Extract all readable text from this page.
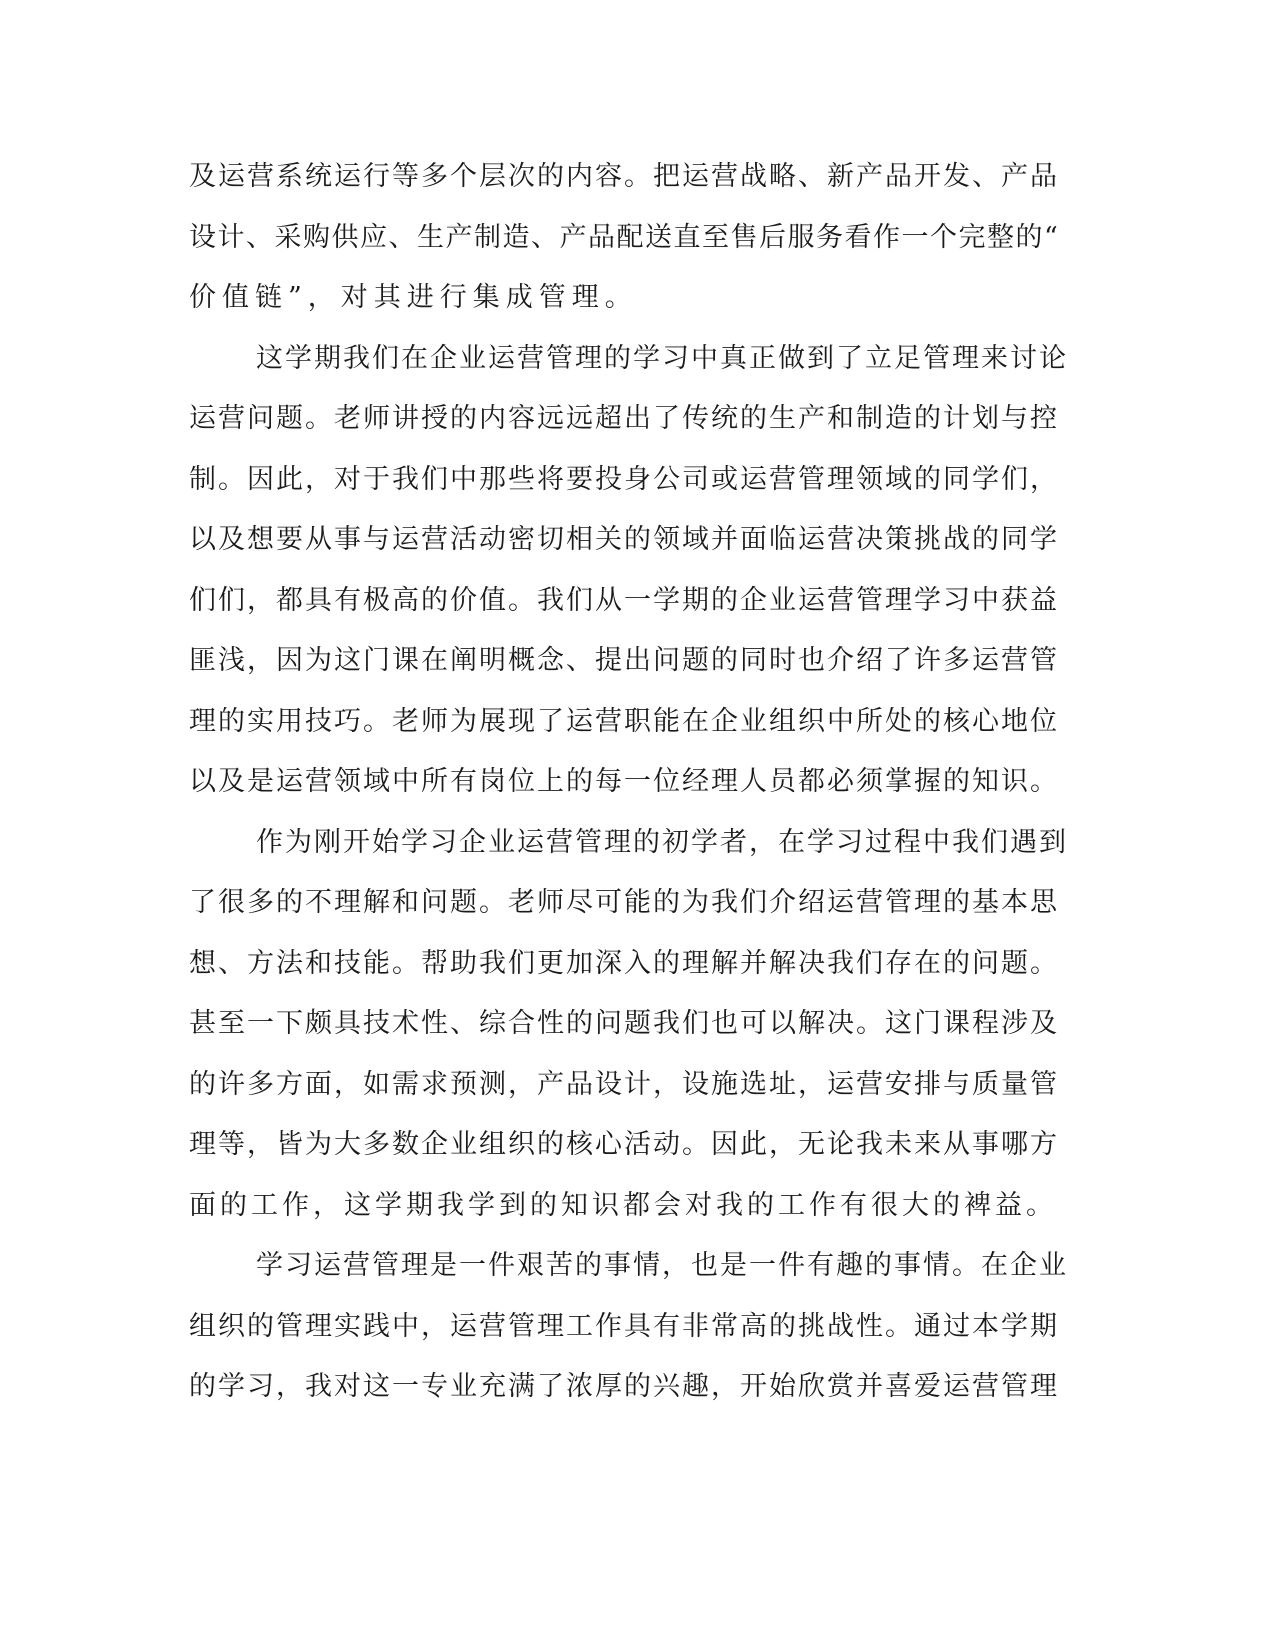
及运营系统运行等多个层次的内容。把运营战略、新产品开发、产品
设计、采购供应、生产制造、产品配送直至售后服务看作一个完整的“
价值链”，对其进行集成管理。
这学期我们在企业运营管理的学习中真正做到了立足管理来讨论
运营问题。老师讲授的内容远远超出了传统的生产和制造的计划与控
制。因此，对于我们中那些将要投身公司或运营管理领域的同学们，
以及想要从事与运营活动密切相关的领域并面临运营决策挑战的同学
们们，都具有极高的价值。我们从一学期的企业运营管理学习中获益
匪浅，因为这门课在阐明概念、提出问题的同时也介绍了许多运营管
理的实用技巧。老师为展现了运营职能在企业组织中所处的核心地位
以及是运营领域中所有岗位上的每一位经理人员都必须掌握的知识。
作为刚开始学习企业运营管理的初学者，在学习过程中我们遇到
了很多的不理解和问题。老师尽可能的为我们介绍运营管理的基本思
想、方法和技能。帮助我们更加深入的理解并解决我们存在的问题。
甚至一下颇具技术性、综合性的问题我们也可以解决。这门课程涉及
的许多方面，如需求预测，产品设计，设施选址，运营安排与质量管
理等，皆为大多数企业组织的核心活动。因此，无论我未来从事哪方
面的工作，这学期我学到的知识都会对我的工作有很大的裨益。
学习运营管理是一件艰苦的事情，也是一件有趣的事情。在企业
组织的管理实践中，运营管理工作具有非常高的挑战性。通过本学期
的学习，我对这一专业充满了浓厚的兴趣，开始欣赏并喜爱运营管理
